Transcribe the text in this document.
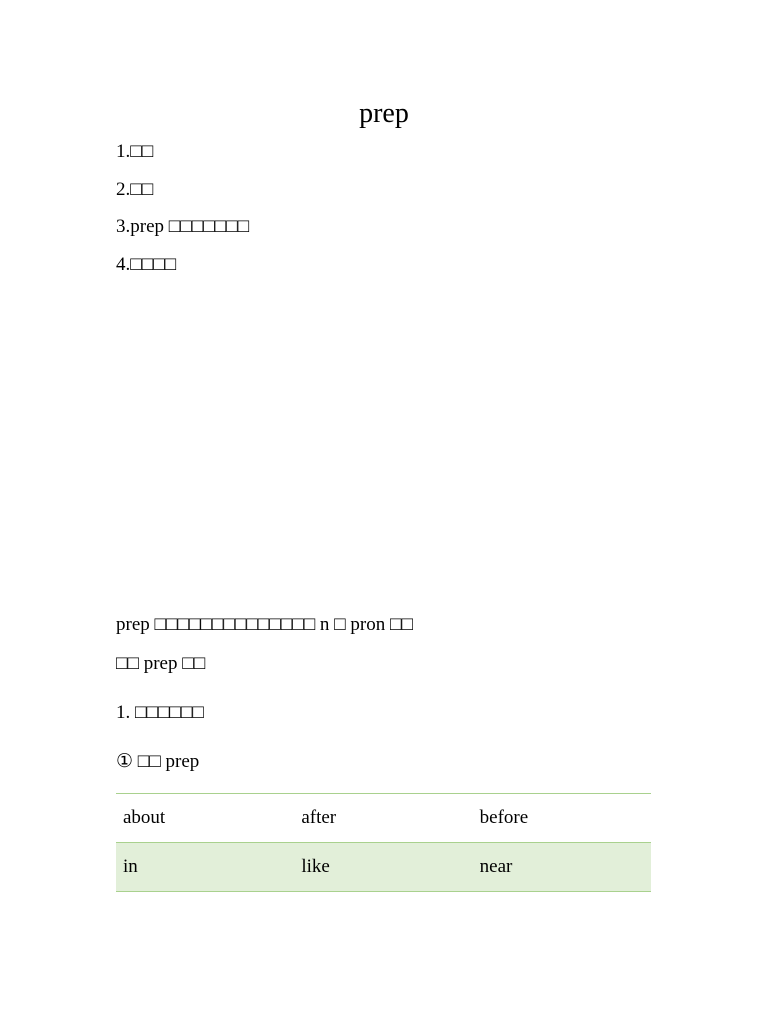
prep
1.□□
2.□□
3.prep □□□□□□□
4.□□□□
prep □□□□□□□□□□□□□□ n □ pron □□
□□ prep □□
1. □□□□□□
① □□ prep
about	after	before
in	like	near
